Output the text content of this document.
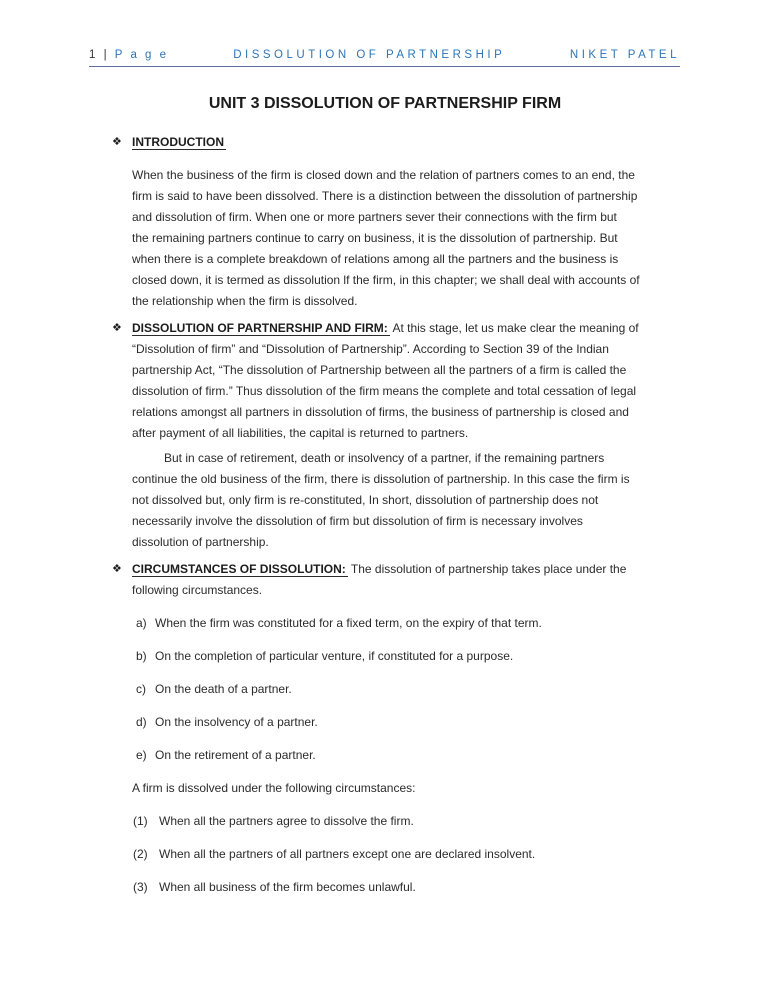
1 | P a g e	DISSOLUTION OF PARTNERSHIP	NIKET PATEL
UNIT 3 DISSOLUTION OF PARTNERSHIP FIRM
❖ INTRODUCTION
When the business of the firm is closed down and the relation of partners comes to an end, the
firm is said to have been dissolved. There is a distinction between the dissolution of partnership
and dissolution of firm. When one or more partners sever their connections with the firm but
the remaining partners continue to carry on business, it is the dissolution of partnership. But
when there is a complete breakdown of relations among all the partners and the business is
closed down, it is termed as dissolution lf the firm, in this chapter; we shall deal with accounts of
the relationship when the firm is dissolved.
❖ DISSOLUTION OF PARTNERSHIP AND FIRM: At this stage, let us make clear the meaning of
“Dissolution of firm” and “Dissolution of Partnership”. According to Section 39 of the Indian
partnership Act, “The dissolution of Partnership between all the partners of a firm is called the
dissolution of firm.” Thus dissolution of the firm means the complete and total cessation of legal
relations amongst all partners in dissolution of firms, the business of partnership is closed and
after payment of all liabilities, the capital is returned to partners.
But in case of retirement, death or insolvency of a partner, if the remaining partners
continue the old business of the firm, there is dissolution of partnership. In this case the firm is
not dissolved but, only firm is re-constituted, In short, dissolution of partnership does not
necessarily involve the dissolution of firm but dissolution of firm is necessary involves
dissolution of partnership.
❖ CIRCUMSTANCES OF DISSOLUTION: The dissolution of partnership takes place under the
following circumstances.
a) When the firm was constituted for a fixed term, on the expiry of that term.
b) On the completion of particular venture, if constituted for a purpose.
c) On the death of a partner.
d) On the insolvency of a partner.
e) On the retirement of a partner.
A firm is dissolved under the following circumstances:
(1) When all the partners agree to dissolve the firm.
(2) When all the partners of all partners except one are declared insolvent.
(3) When all business of the firm becomes unlawful.
